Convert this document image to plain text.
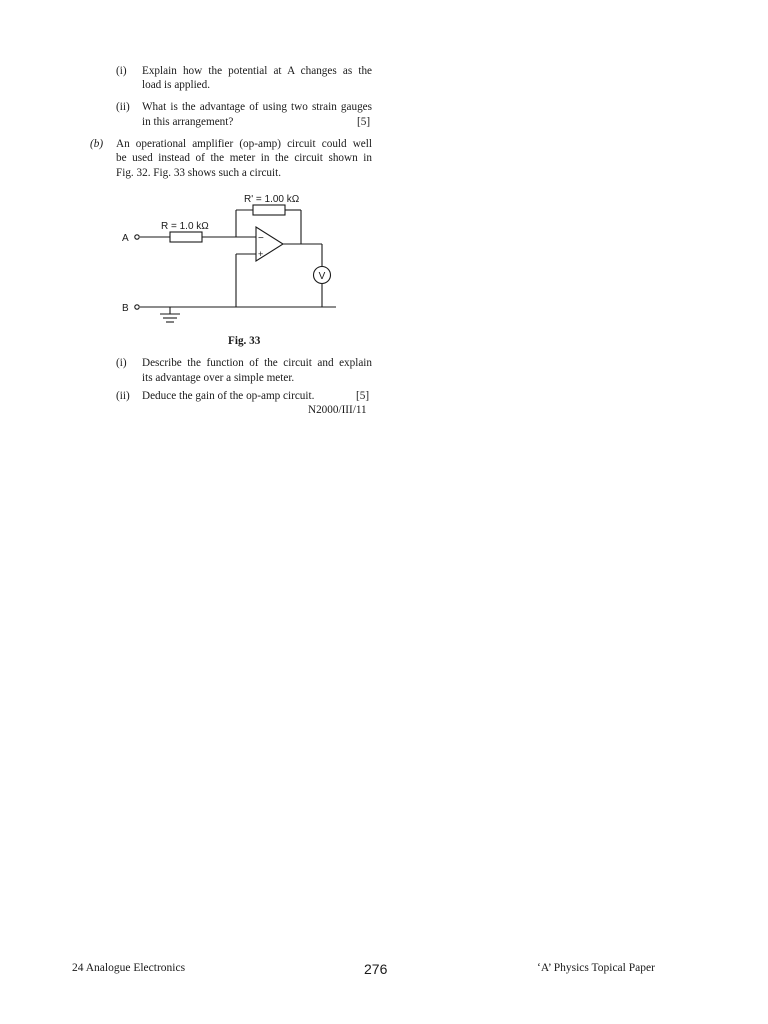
(i) Explain how the potential at A changes as the
load is applied.
(ii) What is the advantage of using two strain gauges
in this arrangement?	[5]
(b) An operational amplifier (op-amp) circuit could well
be used instead of the meter in the circuit shown in
Fig. 32. Fig. 33 shows such a circuit.
−
+
V
R' = 1.00 kΩ
R = 1.0 kΩ
A
B
Fig. 33
(i) Describe the function of the circuit and explain
its advantage over a simple meter.
(ii) Deduce the gain of the op-amp circuit.	[5]
N2000/III/11
24 Analogue Electronics	276	‘A’ Physics Topical Paper
